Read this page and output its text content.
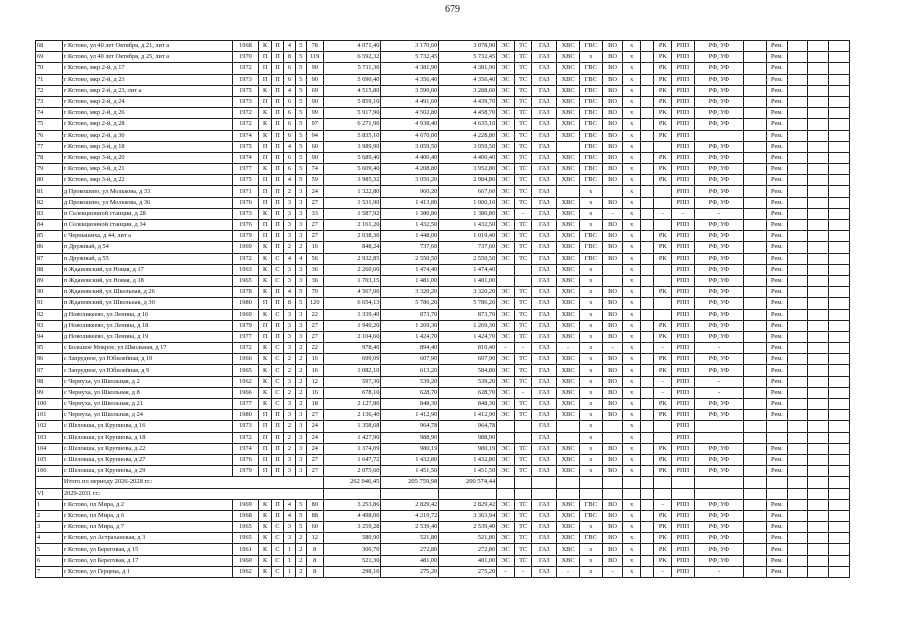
679
68	г Кстово, ул 40 лет Октября, д 21, лит а	1968	К	П	4	5	78	4 071,40	3 170,60	3 078,90	ЭС	ТС	ГАЗ	ХВС	ГВС	ВО	x		РК	РПП	РФ, УФ		Рем.			
69	г Кстово, ул 40 лет Октября, д 25, лит а	1970	П	П	8	5	119	6 592,32	5 732,45	5 732,45	ЭС	ТС	ГАЗ	ХВС	x	ВО	x		РК	РПП	РФ, УФ		Рем.			
70	г Кстово, мкр 2-й, д 17	1972	П	П	6	5	90	5 711,30	4 381,90	4 381,90	ЭС	ТС	ГАЗ	ХВС	ГВС	ВО	x		РК	РПП	РФ, УФ		Рем.			
71	г Кстово, мкр 2-й, д 23	1973	П	П	6	5	90	5 690,40	4 356,40	4 356,40	ЭС	ТС	ГАЗ	ХВС	ГВС	ВО	x		РК	РПП	РФ, УФ		Рем.			
72	г Кстово, мкр 2-й, д 23, лит а	1975	К	П	4	5	69	4 515,80	3 590,00	3 288,60	ЭС	ТС	ГАЗ	ХВС	ГВС	ВО	x		РК	РПП	РФ, УФ		Рем.			
73	г Кстово, мкр 2-й, д 24	1973	П	П	6	5	90	5 859,10	4 491,60	4 439,70	ЭС	ТС	ГАЗ	ХВС	ГВС	ВО	x		РК	РПП	РФ, УФ		Рем.			
74	г Кстово, мкр 2-й, д 26	1972	К	П	6	5	99	5 917,90	4 502,80	4 458,70	ЭС	ТС	ГАЗ	ХВС	ГВС	ВО	x		РК	РПП	РФ, УФ		Рем.			
75	г Кстово, мкр 2-й, д 28	1972	К	П	6	5	97	6 271,90	4 938,40	4 635,10	ЭС	ТС	ГАЗ	ХВС	ГВС	ВО	x		РК	РПП	РФ, УФ		Рем.			
76	г Кстово, мкр 2-й, д 30	1974	К	П	6	5	94	5 835,10	4 670,00	4 228,80	ЭС	ТС	ГАЗ	ХВС	ГВС	ВО	x		РК	РПП			Рем.			
77	г Кстово, мкр 3-й, д 18	1975	П	П	4	5	60	3 989,90	3 059,50	3 059,50	ЭС	ТС	ГАЗ		ГВС	ВО	x			РПП	РФ, УФ		Рем.			
78	г Кстово, мкр 3-й, д 20	1974	П	П	6	5	90	5 689,40	4 400,40	4 400,40	ЭС	ТС	ГАЗ	ХВС	ГВС	ВО	x		РК	РПП	РФ, УФ		Рем.			
79	г Кстово, мкр 3-й, д 21	1977	К	П	6	5	74	5 609,40	4 208,80	3 952,80	ЭС	ТС	ГАЗ	ХВС	ГВС	ВО	x		РК	РПП	РФ, УФ		Рем.			
80	г Кстово, мкр 3-й, д 22	1975	П	П	4	5	59	3 985,32	3 050,20	2 984,86	ЭС	ТС	ГАЗ	ХВС	ГВС	ВО	x		РК	РПП	РФ, УФ		Рем.			
81	д Прокошево, ул Молькова, д 33	1971	П	П	2	3	24	1 322,80	960,20	667,60	ЭС	ТС	ГАЗ		x		x			РПП	РФ, УФ		Рем.			
82	д Прокошево, ул Молькова, д 36	1976	П	П	3	3	27	1 531,90	1 413,80	1 000,10	ЭС	ТС	ГАЗ	ХВС	x	ВО	x			РПП	РФ, УФ		Рем.			
83	п Селекционной станции, д 28	1973	К	П	3	3	33	1 587,92	1 380,80	1 380,80	ЭС	-	ГАЗ	ХВС	x	-	x		-	-	-		Рем.			
84	п Селекционной станции, д 34	1976	П	П	3	3	27	2 161,20	1 432,50	1 432,50	ЭС	ТС	ГАЗ	ХВС	x	ВО	x			РПП	РФ, УФ		Рем.			
85	с Чернышиха, д 44, лит а	1979	П	П	3	3	27	2 038,30	1 448,00	1 019,40	ЭС	ТС	ГАЗ	ХВС	ГВС	ВО	x		РК	РПП	РФ, УФ		Рем.			
86	п Дружный, д 54	1969	К	П	2	2	16	848,24	737,60	737,60	ЭС	ТС	ГАЗ	ХВС	ГВС	ВО	x		РК	РПП	РФ, УФ		Рем.			
87	п Дружный, д 55	1972	К	С	4	4	56	2 932,85	2 550,50	2 550,50	ЭС	ТС	ГАЗ	ХВС	ГВС	ВО	x		РК	РПП	РФ, УФ		Рем.			
88	п Ждановский, ул Новая, д 17	1963	К	С	3	3	36	2 260,60	1 474,40	1 474,40			ГАЗ	ХВС	x		x			РПП	РФ, УФ		Рем.			
89	п Ждановский, ул Новая, д 18	1965	К	С	3	3	36	1 703,15	1 481,00	1 481,00			ГАЗ	ХВС	x		x			РПП	РФ, УФ		Рем.			
90	п Ждановский, ул Школьная, д 26	1978	К	П	4	5	70	4 567,00	3 320,20	3 320,20	ЭС	ТС	ГАЗ	ХВС	x	ВО	x		РК	РПП	РФ, УФ		Рем.			
91	п Ждановский, ул Школьная, д 30	1980	П	П	8	5	120	6 654,13	5 786,20	5 786,20	ЭС	ТС	ГАЗ	ХВС	x	ВО	x			РПП	РФ, УФ		Рем.			
92	д Новоликеево, ул Ленина, д 16	1969	К	С	3	3	22	1 339,40	873,70	873,70	ЭС	ТС	ГАЗ	ХВС	x	ВО	x			РПП	РФ, УФ		Рем.			
93	д Новоликеево, ул Ленина, д 18	1979	П	П	3	3	27	1 949,20	1 269,30	1 269,30	ЭС	ТС	ГАЗ	ХВС	x	ВО	x		РК	РПП	РФ, УФ		Рем.			
94	д Новоликеево, ул Ленина, д 19	1977	П	П	3	3	27	2 104,60	1 424,70	1 424,70	ЭС	ТС	ГАЗ	ХВС	x	ВО	x		РК	РПП	РФ, УФ		Рем.			
95	с Большое Мокрое, ул Школьная, д 17	1972	К	С	3	2	22	978,40	894,40	810,40	-	-	ГАЗ	-	x	-	x		-	РПП	-		Рем.			
96	с Запрудное, ул Юбилейная, д 10	1966	К	С	2	2	16	699,09	607,90	607,90	ЭС	ТС	ГАЗ	ХВС	x	ВО	x		РК	РПП	РФ, УФ		Рем.			
97	с Запрудное, ул Юбилейная, д 9	1965	К	С	2	2	16	1 082,10	613,20	584,80	ЭС	ТС	ГАЗ	ХВС	x	ВО	x		РК	РПП	РФ, УФ		Рем.			
98	с Чернуха, ул Школьная, д 2	1962	К	С	3	2	12	597,30	539,20	539,20	ЭС	ТС	ГАЗ	ХВС	x	ВО	x		-	РПП	-		Рем.			
99	с Чернуха, ул Школьная, д 8	1966	К	С	2	2	16	678,10	628,70	628,70	ЭС	-	ГАЗ	ХВС	x	ВО	x		-	РПП	-		Рем.			
100	с Чернуха, ул Школьная, д 21	1977	К	С	3	2	18	2 127,80	848,30	848,30	ЭС	ТС	ГАЗ	ХВС	x	ВО	x		РК	РПП	РФ, УФ		Рем.			
101	с Чернуха, ул Школьная, д 24	1980	П	П	3	3	27	2 136,40	1 412,90	1 412,90	ЭС	ТС	ГАЗ	ХВС	x	ВО	x		РК	РПП	РФ, УФ		Рем.			
102	с Шелокша, ул Крупнова, д 16	1973	П	П	2	3	24	1 358,68	964,78	964,78			ГАЗ		x		x			РПП						
103	с Шелокша, ул Крупнова, д 18	1972	П	П	2	3	24	1 427,90	988,90	988,90			ГАЗ		x		x			РПП						
104	с Шелокша, ул Крупнова, д 22	1974	П	П	2	3	24	1 374,09	980,19	980,19	ЭС	ТС	ГАЗ	ХВС	x	ВО	x		РК	РПП	РФ, УФ		Рем.			
105	с Шелокша, ул Крупнова, д 27	1976	П	П	3	3	27	1 647,72	1 432,80	1 432,80	ЭС	ТС	ГАЗ	ХВС	x	ВО	x		РК	РПП	РФ, УФ		Рем.			
106	с Шелокша, ул Крупнова, д 29	1979	П	П	3	3	27	2 075,60	1 451,50	1 451,50	ЭС	ТС	ГАЗ	ХВС	x	ВО	x		РК	РПП	РФ, УФ		Рем.			
	Итого по периоду 2026-2028 гг.:							262 046,45	205 759,98	200 574,44																
VI	2029-2031 гг.:																									
1	г Кстово, пл Мира, д 2	1969	К	П	4	5	80	3 253,86	2 829,42	2 829,42	ЭС	ТС	ГАЗ	ХВС	ГВС	ВО	x		-	РПП	РФ, УФ		Рем.			
2	г Кстово, пл Мира, д 6	1968	К	П	4	5	88	4 498,00	4 219,72	3 363,94	ЭС	ТС	ГАЗ	ХВС	ГВС	ВО	x		РК	РПП	РФ, УФ		Рем.			
3	г Кстово, пл Мира, д 7	1965	К	С	3	5	60	3 259,28	2 539,40	2 539,40	ЭС	ТС	ГАЗ	ХВС	x	ВО	x		РК	РПП	РФ, УФ		Рем.			
4	г Кстово, ул Астраханская, д 3	1965	К	С	3	2	12	580,90	521,80	521,80	ЭС	ТС	ГАЗ	ХВС	ГВС	ВО	x		РК	РПП	РФ, УФ		Рем.			
5	г Кстово, ул Береговая, д 15	1961	К	С	1	2	8	300,70	272,80	272,80	ЭС	ТС	ГАЗ	ХВС	x	ВО	x		РК	РПП	РФ, УФ		Рем.			
6	г Кстово, ул Береговая, д 17	1960	К	С	1	2	8	521,30	481,00	481,00	ЭС	ТС	ГАЗ	ХВС	x	ВО	x		РК	РПП	РФ, УФ		Рем.			
7	г Кстово, ул Герцена, д 1	1962	К	С	1	2	8	298,10	275,20	275,20	-	-	ГАЗ	-	x	-	x		-	РПП	-		Рем.			
